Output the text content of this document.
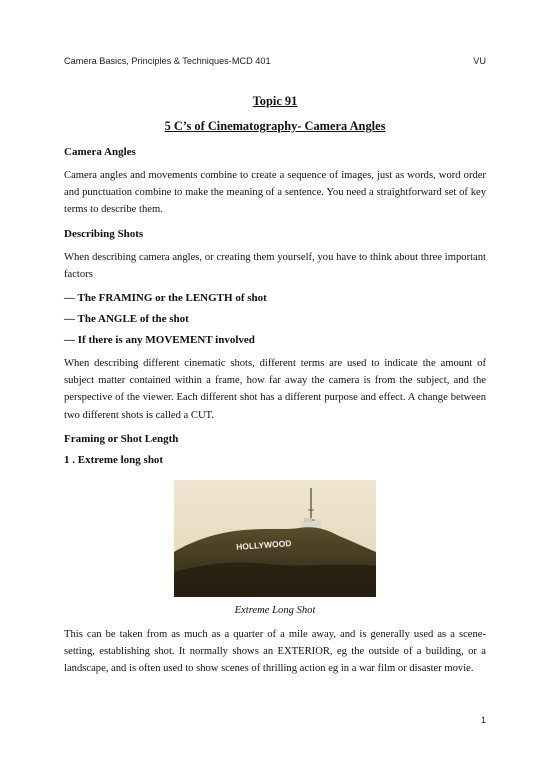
Camera Basics, Principles & Techniques-MCD 401	VU
Topic 91
5 C’s of Cinematography- Camera Angles
Camera Angles
Camera angles and movements combine to create a sequence of images, just as words, word order and punctuation combine to make the meaning of a sentence. You need a straightforward set of key terms to describe them.
Describing Shots
When describing camera angles, or creating them yourself, you have to think about three important factors
— The FRAMING or the LENGTH of shot
— The ANGLE of the shot
— If there is any MOVEMENT involved
When describing different cinematic shots, different terms are used to indicate the amount of subject matter contained within a frame, how far away the camera is from the subject, and the perspective of the viewer. Each different shot has a different purpose and effect. A change between two different shots is called a CUT.
Framing or Shot Length
1 . Extreme long shot
HOLLYWOOD
Extreme Long Shot
This can be taken from as much as a quarter of a mile away, and is generally used as a scene-setting, establishing shot. It normally shows an EXTERIOR, eg the outside of a building, or a landscape, and is often used to show scenes of thrilling action eg in a war film or disaster movie.
1
